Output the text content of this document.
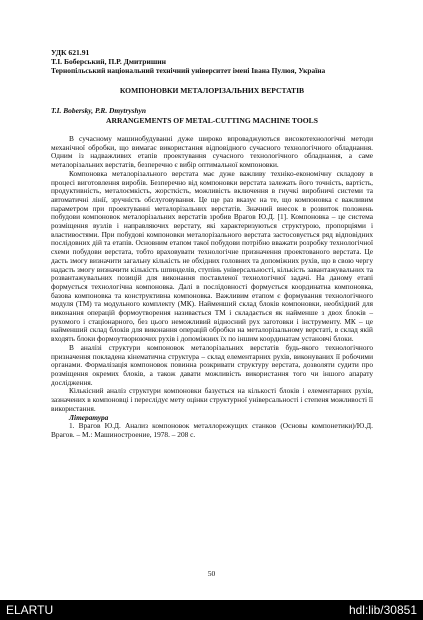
УДК 621.91
Т.І. Боберський, П.Р. Дмитришин
Тернопільський національний технічний університет імені Івана Пулюя, Україна
КОМПОНОВКИ МЕТАЛОРІЗАЛЬНИХ ВЕРСТАТІВ
T.I. Bobersky, P.R. Dmytryshyn
ARRANGEMENTS OF METAL-CUTTING MACHINE TOOLS

В сучасному машинобудуванні дуже широко впроваджуються високотехнологічні методи механічної обробки, що вимагає використання відповідного сучасного технологічного обладнання. Одним із надважливих етапів проектування сучасного технологічного обладнання, а саме металорізальних верстатів, безперечно є вибір оптимальної компоновки.

Компоновка металорізального верстата має дуже важливу техніко-економічну складову в процесі виготовлення виробів. Безперечно від компоновки верстата залежать його точність, вартість, продуктивність, металоємкість, жорсткість, можливість включення в гнучкі виробничі системи та автоматичні лінії, зручність обслуговування. Це ще раз вказує на те, що компоновка є важливим параметром при проектуванні металорізальних верстатів. Значний внесок в розвиток положень побудови компоновок металорізальних верстатів зробив Врагов Ю.Д. [1]. Компоновка – це система розміщення вузлів і направляючих верстату, які характеризуються структурою, пропорціями і властивостями. При побудові компоновки металорізального верстата застосовується ряд відповідних послідовних дій та етапів. Основним етапом такої побудови потрібно вважати розробку технологічної схеми побудови верстата, тобто враховувати технологічне призначення проектованого верстата. Це дасть змогу визначити загальну кількість не обхідних головних та допоміжних рухів, що в свою чергу надасть змогу визначити кількість шпинделів, ступінь універсальності, кількість завантажувальних та розвантажувальних позицій для виконання поставленої технологічної задачі. На даному етапі формується технологічна компоновка. Далі в послідовності формується координатна компоновка, базова компоновка та конструктивна компоновка. Важливим етапом є формування технологічного модуля (ТМ) та модульного комплекту (МК). Найменший склад блоків компоновки, необхідний для виконання операцій формоутворення називається ТМ і складається як найменше з двох блоків – рухомого і стаціонарного, без цього неможливий відносний рух заготовки і інструменту. МК – це найменший склад блоків для виконання операцій обробки на металорізальному верстаті, в склад якій входять блоки формоутворюючих рухів і допоміжних їх по іншим координатам установчі блоки.

В аналізі структури компоновок металорізальних верстатів будь-якого технологічного призначення покладена кінематична структура – склад елементарних рухів, виконуваних її робочими органами. Формалізація компоновок повинна розкривати структуру верстата, дозволяти судити про розміщення окремих блоків, а також давати можливість використання того чи іншого апарату дослідження.

Кількісний аналіз структури компоновки базується на кількості блоків і елементарних рухів, зазначених в компоновці і переслідує мету оцінки структурної універсальності і степеня можливості її використання.

Література

1. Врагов Ю.Д. Анализ компоновок металлорежущих станков (Основы компонетики)/Ю.Д. Врагов. – М.: Машиностроение, 1978. – 208 с.

50
ELARTU	hdl:lib/30851
